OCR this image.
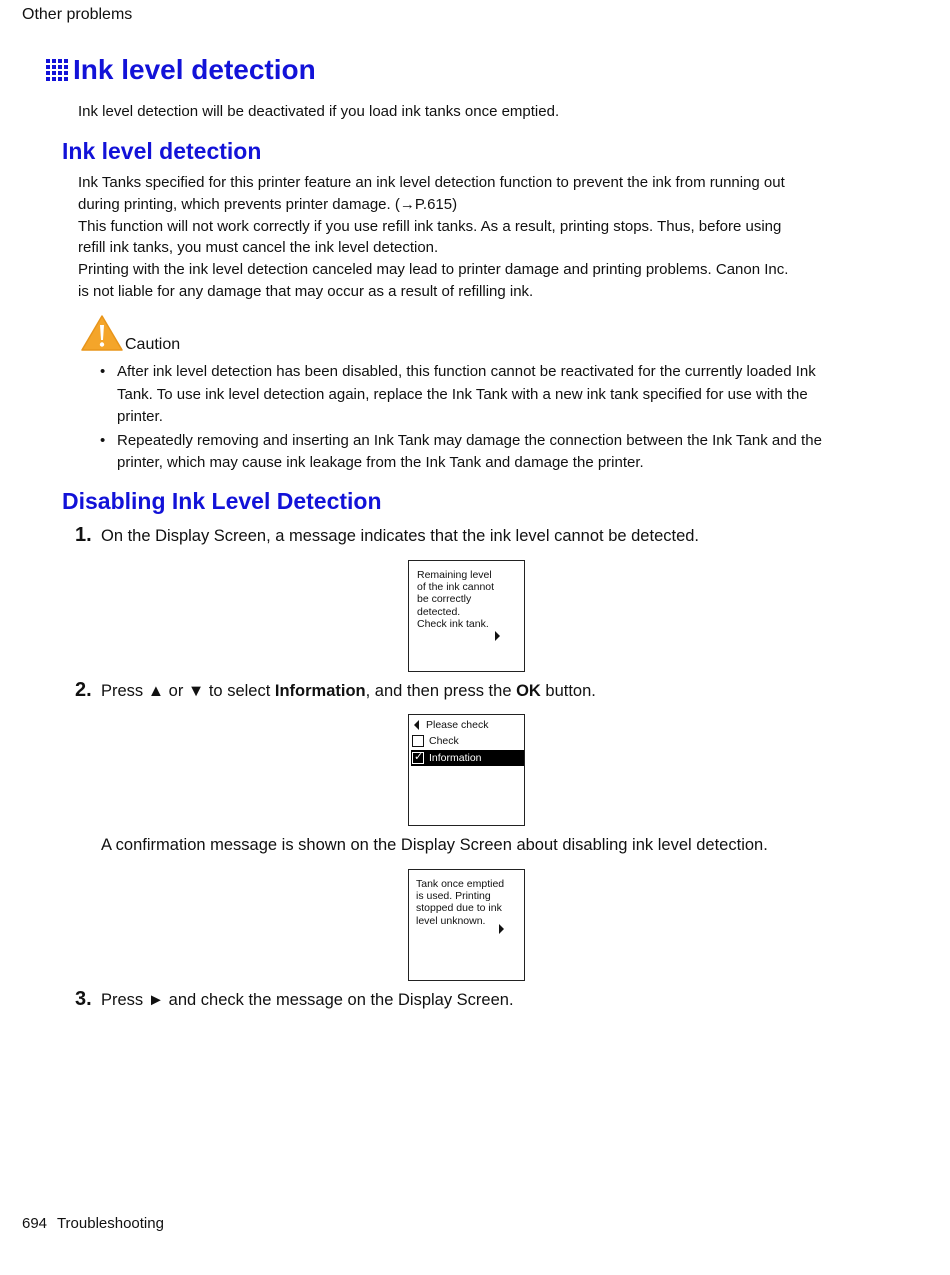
Other problems
Ink level detection
Ink level detection will be deactivated if you load ink tanks once emptied.
Ink level detection
Ink Tanks specified for this printer feature an ink level detection function to prevent the ink from running out
during printing, which prevents printer damage. (→P.615)
This function will not work correctly if you use refill ink tanks. As a result, printing stops. Thus, before using
refill ink tanks, you must cancel the ink level detection.
Printing with the ink level detection canceled may lead to printer damage and printing problems. Canon Inc.
is not liable for any damage that may occur as a result of refilling ink.
Caution
• After ink level detection has been disabled, this function cannot be reactivated for the currently loaded Ink Tank. To use ink level detection again, replace the Ink Tank with a new ink tank specified for use with the printer.
• Repeatedly removing and inserting an Ink Tank may damage the connection between the Ink Tank and the printer, which may cause ink leakage from the Ink Tank and damage the printer.
Disabling Ink Level Detection
1. On the Display Screen, a message indicates that the ink level cannot be detected.
Remaining level
of the ink cannot
be correctly
detected.
Check ink tank.
2. Press ▲ or ▼ to select Information, and then press the OK button.
Please check
Check
✓ Information
A confirmation message is shown on the Display Screen about disabling ink level detection.
Tank once emptied
is used. Printing
stopped due to ink
level unknown.
3. Press ► and check the message on the Display Screen.
694 Troubleshooting
